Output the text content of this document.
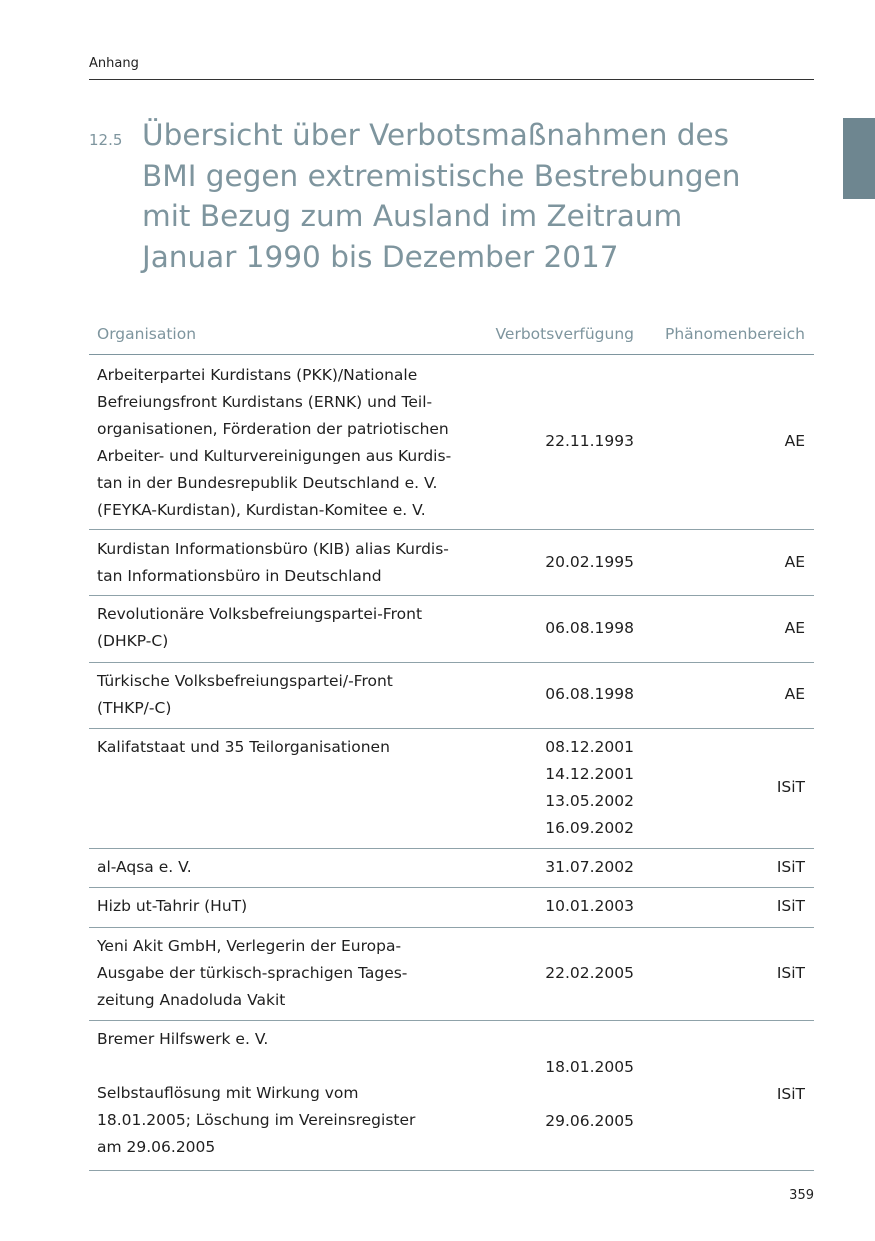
Anhang
12.5 Übersicht über Verbotsmaßnahmen des
BMI gegen extremistische Bestrebungen
mit Bezug zum Ausland im Zeitraum
Januar 1990 bis Dezember 2017
Organisation	Verbotsverfügung Phänomenbereich
Arbeiterpartei Kurdistans (PKK)/Nationale
Befreiungsfront Kurdistans (ERNK) und Teil-
organisationen, Förderation der patriotischen
Arbeiter- und Kulturvereinigungen aus Kurdis-
tan in der Bundesrepublik Deutschland e. V.
(FEYKA-Kurdistan), Kurdistan-Komitee e. V.
22.11.1993	AE
Kurdistan Informationsbüro (KIB) alias Kurdis-
tan Informationsbüro in Deutschland
20.02.1995	AE
Revolutionäre Volksbefreiungspartei-Front
(DHKP-C)
06.08.1998	AE
Türkische Volksbefreiungspartei/-Front
(THKP/-C)
06.08.1998	AE
Kalifatstaat und 35 Teilorganisationen	08.12.2001
14.12.2001
13.05.2002
16.09.2002
ISiT
al-Aqsa e. V.	31.07.2002	ISiT
Hizb ut-Tahrir (HuT)	10.01.2003	ISiT
Yeni Akit GmbH, Verlegerin der Europa-
Ausgabe der türkisch-sprachigen Tages-
zeitung Anadoluda Vakit
22.02.2005	ISiT
Bremer Hilfswerk e. V.
Selbstauflösung mit Wirkung vom
18.01.2005; Löschung im Vereinsregister
am 29.06.2005
18.01.2005
29.06.2005
ISiT
359
